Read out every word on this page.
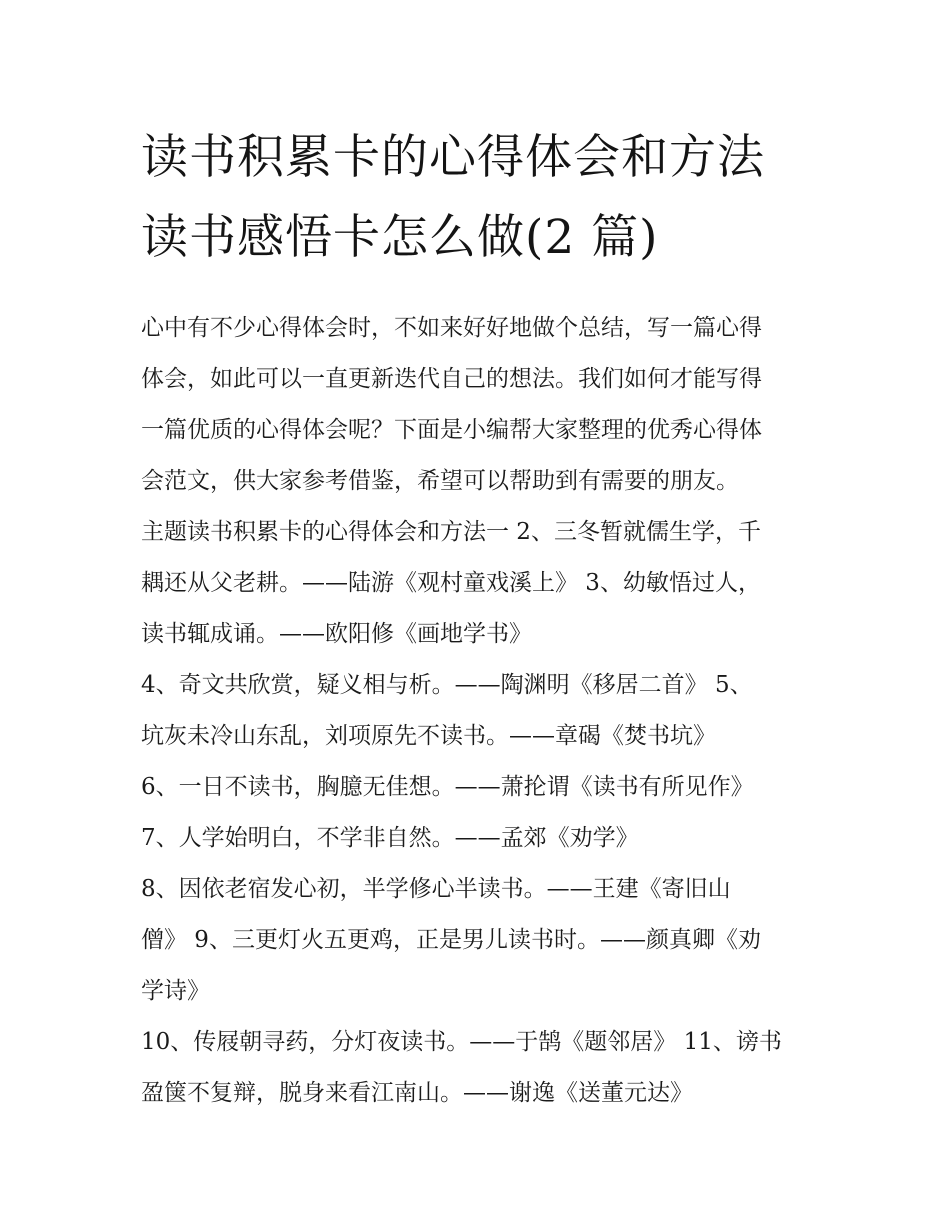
读书积累卡的心得体会和方法
读书感悟卡怎么做(2 篇)

心中有不少心得体会时，不如来好好地做个总结，写一篇心得
体会，如此可以一直更新迭代自己的想法。我们如何才能写得
一篇优质的心得体会呢？下面是小编帮大家整理的优秀心得体
会范文，供大家参考借鉴，希望可以帮助到有需要的朋友。

主题读书积累卡的心得体会和方法一 2、三冬暂就儒生学，千
耦还从父老耕。——陆游《观村童戏溪上》 3、幼敏悟过人，
读书辄成诵。——欧阳修《画地学书》

4、奇文共欣赏，疑义相与析。——陶渊明《移居二首》 5、
坑灰未冷山东乱，刘项原先不读书。——章碣《焚书坑》

6、一日不读书，胸臆无佳想。——萧抡谓《读书有所见作》

7、人学始明白，不学非自然。——孟郊《劝学》

8、因依老宿发心初，半学修心半读书。——王建《寄旧山
僧》 9、三更灯火五更鸡，正是男儿读书时。——颜真卿《劝
学诗》

10、传屐朝寻药，分灯夜读书。——于鹄《题邻居》 11、谤书
盈箧不复辩，脱身来看江南山。——谢逸《送董元达》
